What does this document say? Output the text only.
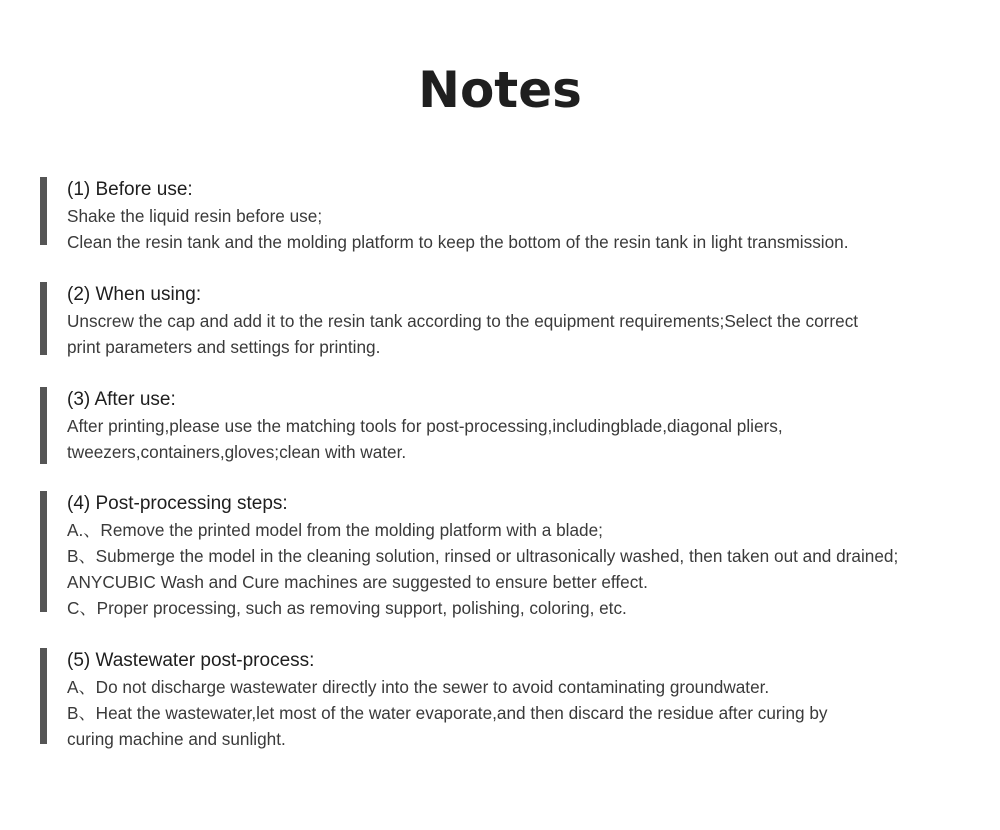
Notes

(1) Before use:

Shake the liquid resin before use;

Clean the resin tank and the molding platform to keep the bottom of the resin tank in light transmission.

(2) When using:

Unscrew the cap and add it to the resin tank according to the equipment requirements;Select the correct

print parameters and settings for printing.

(3) After use:

After printing,please use the matching tools for post-processing,includingblade,diagonal pliers,

tweezers,containers,gloves;clean with water.

(4) Post-processing steps:

A.、Remove the printed model from the molding platform with a blade;

B、Submerge the model in the cleaning solution, rinsed or ultrasonically washed, then taken out and drained;

ANYCUBIC Wash and Cure machines are suggested to ensure better effect.

C、Proper processing, such as removing support, polishing, coloring, etc.

(5) Wastewater post-process:

A、Do not discharge wastewater directly into the sewer to avoid contaminating groundwater.

B、Heat the wastewater,let most of the water evaporate,and then discard the residue after curing by

curing machine and sunlight.
